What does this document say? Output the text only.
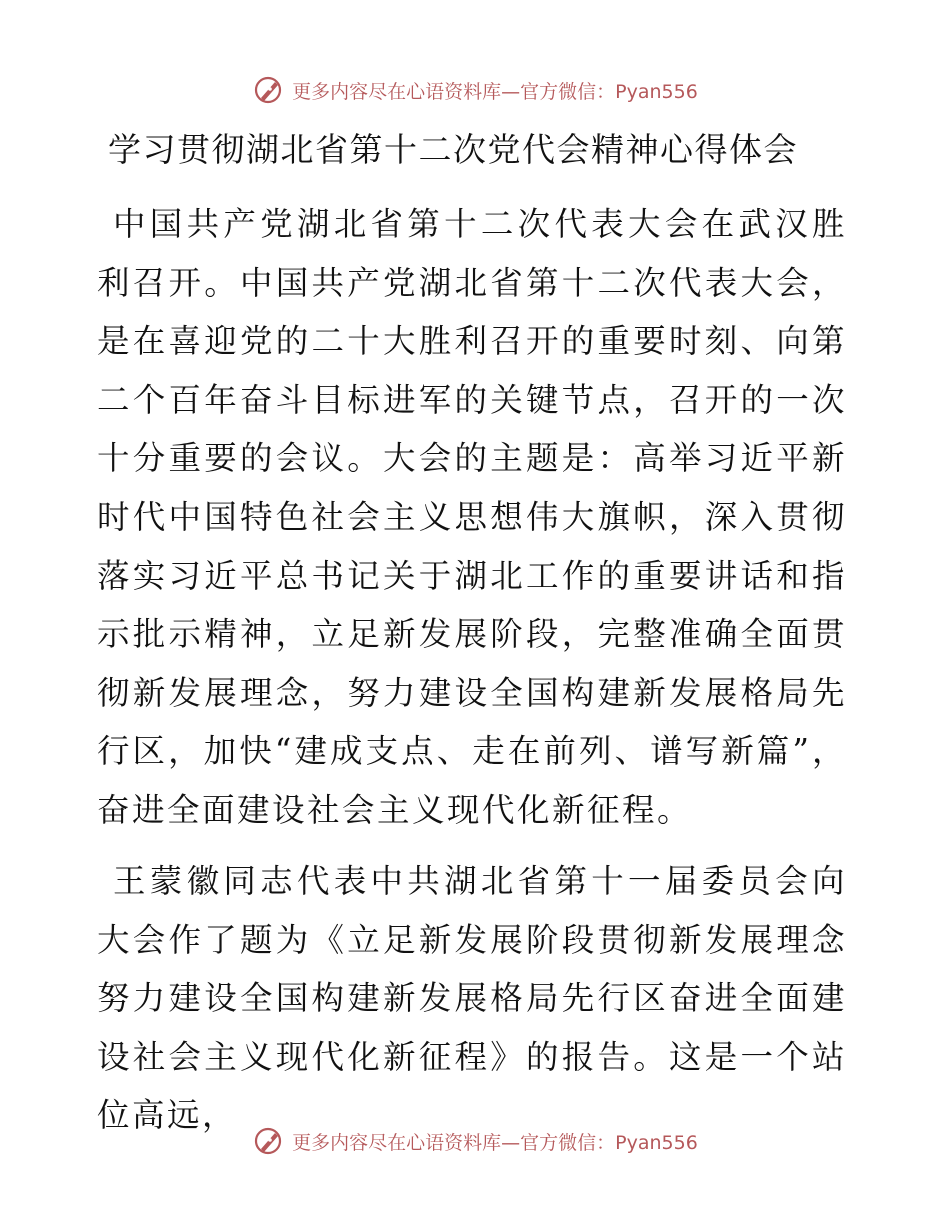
更多内容尽在心语资料库—官方微信：Pyan556
学习贯彻湖北省第十二次党代会精神心得体会

中国共产党湖北省第十二次代表大会在武汉胜利召开。中国共产党湖北省第十二次代表大会，是在喜迎党的二十大胜利召开的重要时刻、向第二个百年奋斗目标进军的关键节点，召开的一次十分重要的会议。大会的主题是：高举习近平新时代中国特色社会主义思想伟大旗帜，深入贯彻落实习近平总书记关于湖北工作的重要讲话和指示批示精神，立足新发展阶段，完整准确全面贯彻新发展理念，努力建设全国构建新发展格局先行区，加快“建成支点、走在前列、谱写新篇”，奋进全面建设社会主义现代化新征程。

王蒙徽同志代表中共湖北省第十一届委员会向大会作了题为《立足新发展阶段贯彻新发展理念努力建设全国构建新发展格局先行区奋进全面建设社会主义现代化新征程》的报告。这是一个站位高远，

更多内容尽在心语资料库—官方微信：Pyan556
